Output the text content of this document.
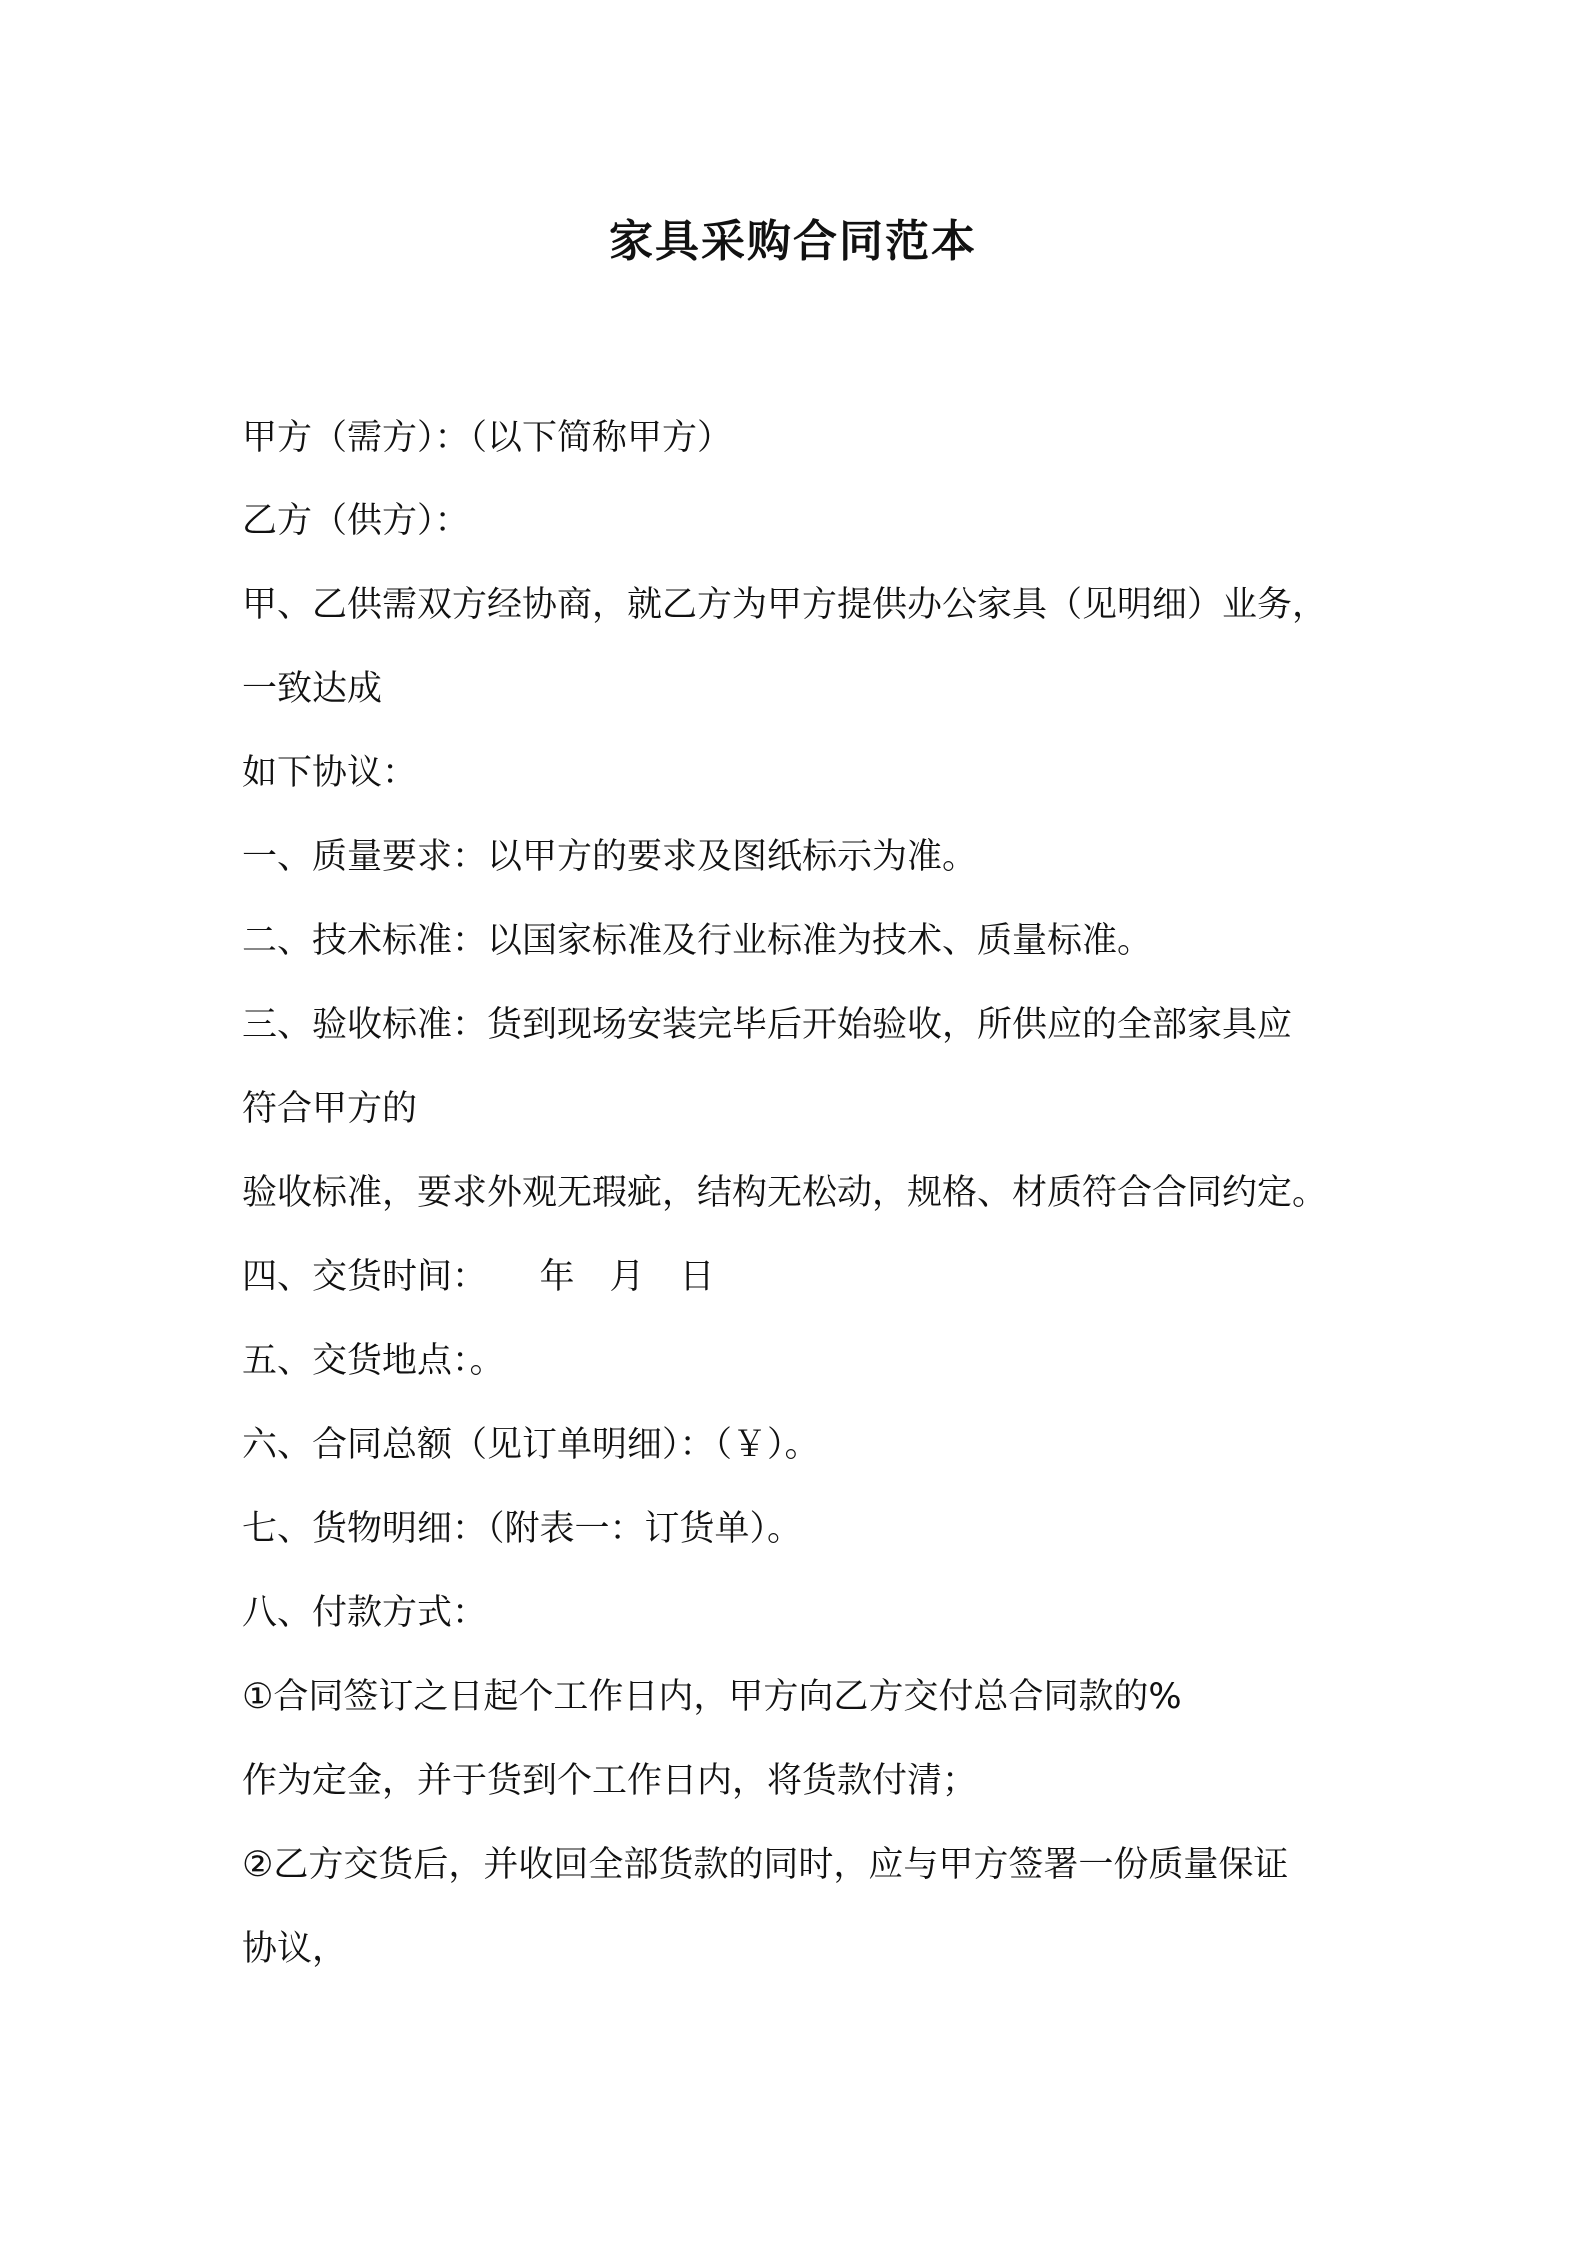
家具采购合同范本

甲方（需方）：（以下简称甲方）

乙方（供方）：

甲、乙供需双方经协商，就乙方为甲方提供办公家具（见明细）业务，

一致达成

如下协议：

一、质量要求：以甲方的要求及图纸标示为准。

二、技术标准：以国家标准及行业标准为技术、质量标准。

三、验收标准：货到现场安装完毕后开始验收，所供应的全部家具应

符合甲方的

验收标准，要求外观无瑕疵，结构无松动，规格、材质符合合同约定。

四、交货时间：　　年　月　日

五、交货地点：。

六、合同总额（见订单明细）：（￥）。

七、货物明细：（附表一：订货单）。

八、付款方式：

①合同签订之日起个工作日内，甲方向乙方交付总合同款的%

作为定金，并于货到个工作日内，将货款付清；

②乙方交货后，并收回全部货款的同时，应与甲方签署一份质量保证

协议，
